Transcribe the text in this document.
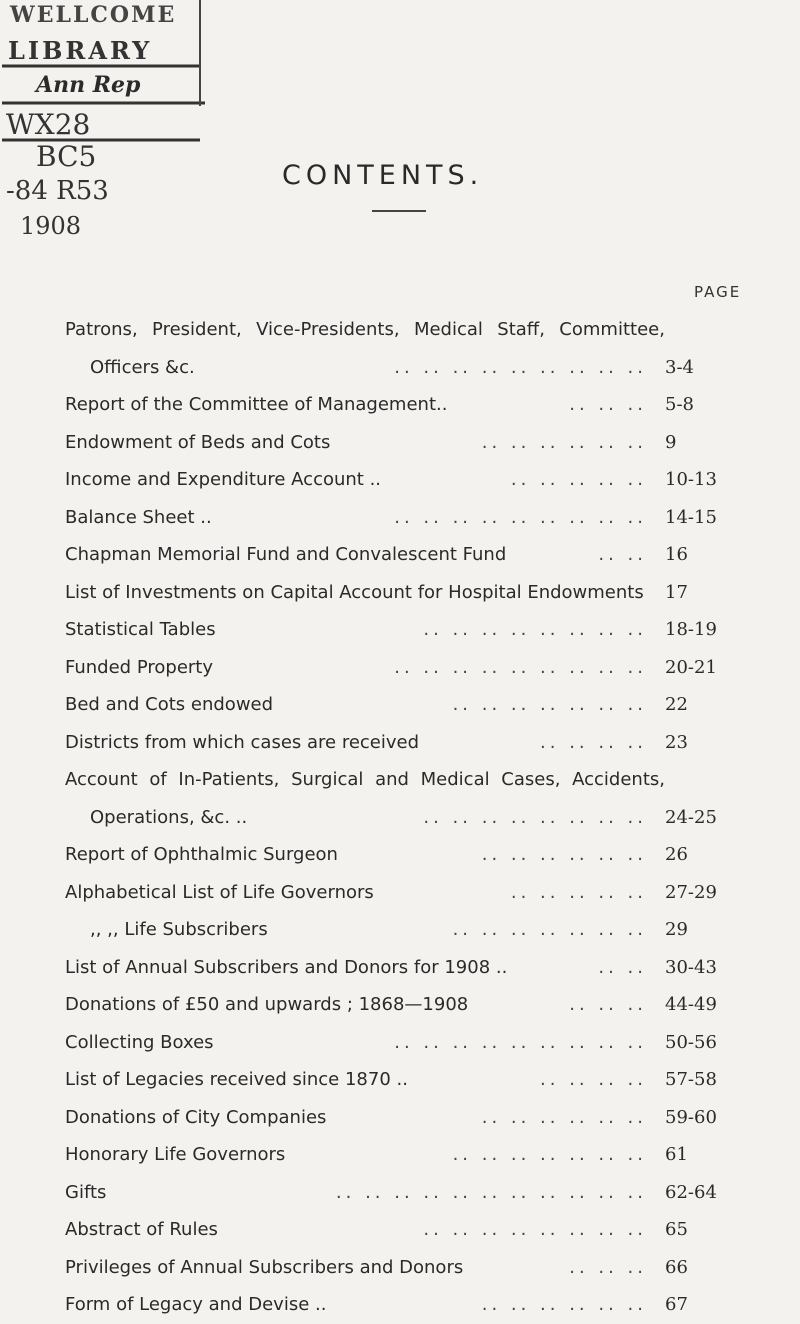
WELLCOME
LIBRARY
Ann Rep
WX28
BC5
-84 R53
1908
CONTENTS.
PAGE
Patrons, President, Vice-Presidents, Medical Staff, Committee,
Officers &c.	.. .. .. .. .. .. .. .. .. 3-4
Report of the Committee of Management..	.. .. .. 5-8
Endowment of Beds and Cots	.. .. .. .. .. .. 9
Income and Expenditure Account ..	.. .. .. .. .. 10-13
Balance Sheet ..	.. .. .. .. .. .. .. .. .. 14-15
Chapman Memorial Fund and Convalescent Fund	.. .. 16
List of Investments on Capital Account for Hospital Endowments 17
Statistical Tables	.. .. .. .. .. .. .. .. 18-19
Funded Property	.. .. .. .. .. .. .. .. .. 20-21
Bed and Cots endowed	.. .. .. .. .. .. .. 22
Districts from which cases are received	.. .. .. .. 23
Account of In-Patients, Surgical and Medical Cases, Accidents,
Operations, &c. ..	.. .. .. .. .. .. .. .. 24-25
Report of Ophthalmic Surgeon	.. .. .. .. .. .. 26
Alphabetical List of Life Governors	.. .. .. .. .. 27-29
,, ,, Life Subscribers	.. .. .. .. .. .. .. 29
List of Annual Subscribers and Donors for 1908 ..	.. .. 30-43
Donations of £50 and upwards ; 1868—1908	.. .. .. 44-49
Collecting Boxes	.. .. .. .. .. .. .. .. .. 50-56
List of Legacies received since 1870 ..	.. .. .. .. 57-58
Donations of City Companies	.. .. .. .. .. .. 59-60
Honorary Life Governors	.. .. .. .. .. .. .. 61
Gifts	.. .. .. .. .. .. .. .. .. .. .. 62-64
Abstract of Rules	.. .. .. .. .. .. .. .. 65
Privileges of Annual Subscribers and Donors	.. .. .. 66
Form of Legacy and Devise ..	.. .. .. .. .. .. 67
